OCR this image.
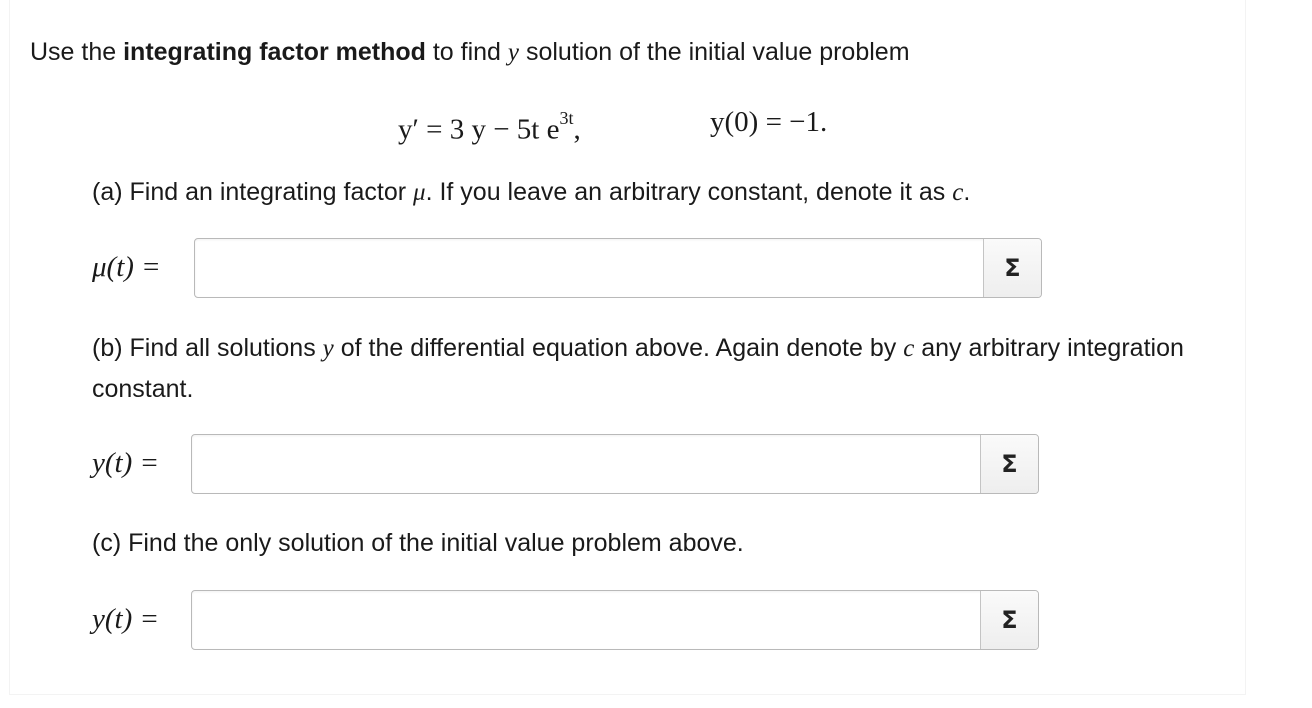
Use the integrating factor method to find y solution of the initial value problem
y′ = 3 y − 5t $e^{3t}$,	y(0) = −1.
(a) Find an integrating factor μ. If you leave an arbitrary constant, denote it as c.
μ(t) =	Σ
(b) Find all solutions y of the differential equation above. Again denote by c any arbitrary integration constant.
y(t) =	Σ
(c) Find the only solution of the initial value problem above.
y(t) =	Σ
